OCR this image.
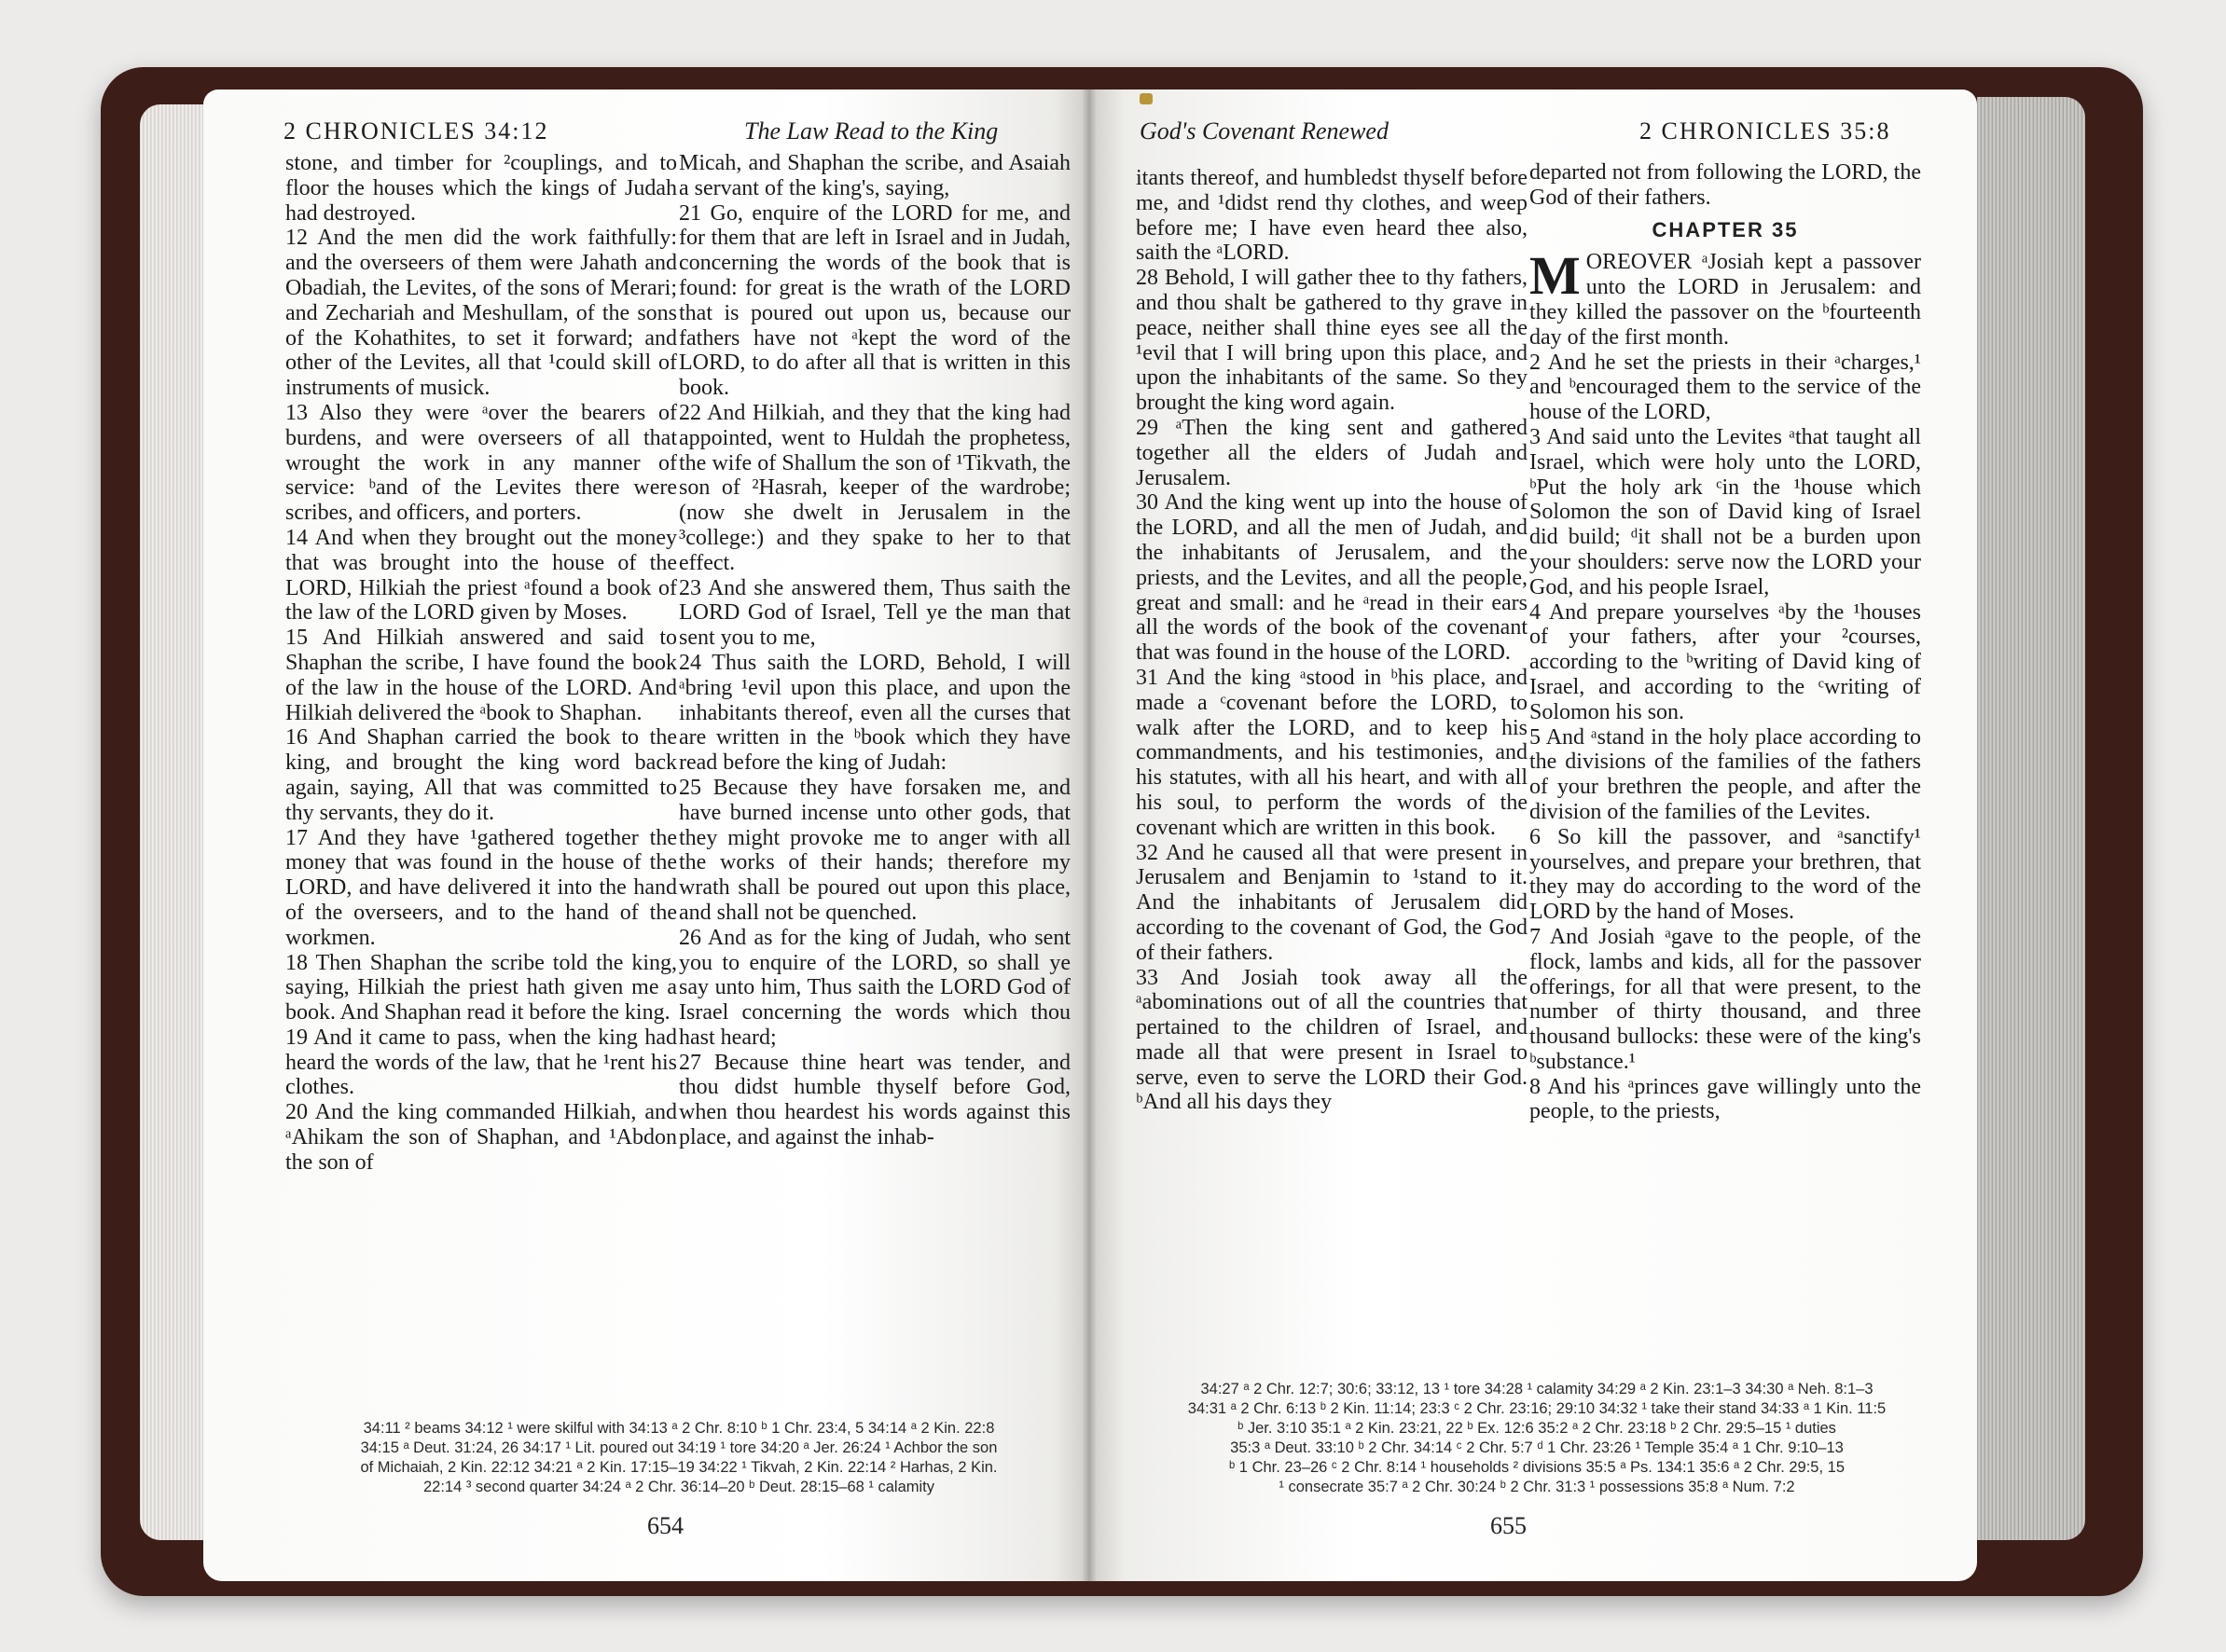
2 CHRONICLES 34:12	The Law Read to the King

stone, and timber for ²couplings, and to floor the houses which the kings of Judah had destroyed.

12 And the men did the work faithfully: and the overseers of them were Jahath and Obadiah, the Levites, of the sons of Merari; and Zechariah and Meshullam, of the sons of the Kohathites, to set it forward; and other of the Levites, all that ¹could skill of instruments of musick.

13 Also they were ᵃover the bearers of burdens, and were overseers of all that wrought the work in any manner of service: ᵇand of the Levites there were scribes, and officers, and porters.

14 And when they brought out the money that was brought into the house of the LORD, Hilkiah the priest ᵃfound a book of the law of the LORD given by Moses.

15 And Hilkiah answered and said to Shaphan the scribe, I have found the book of the law in the house of the LORD. And Hilkiah delivered the ᵃbook to Shaphan.

16 And Shaphan carried the book to the king, and brought the king word back again, saying, All that was committed to thy servants, they do it.

17 And they have ¹gathered together the money that was found in the house of the LORD, and have delivered it into the hand of the overseers, and to the hand of the workmen.

18 Then Shaphan the scribe told the king, saying, Hilkiah the priest hath given me a book. And Shaphan read it before the king.

19 And it came to pass, when the king had heard the words of the law, that he ¹rent his clothes.

20 And the king commanded Hilkiah, and ᵃAhikam the son of Shaphan, and ¹Abdon the son of

Micah, and Shaphan the scribe, and Asaiah a servant of the king's, saying,

21 Go, enquire of the LORD for me, and for them that are left in Israel and in Judah, concerning the words of the book that is found: for great is the wrath of the LORD that is poured out upon us, because our fathers have not ᵃkept the word of the LORD, to do after all that is written in this book.

22 And Hilkiah, and they that the king had appointed, went to Huldah the prophetess, the wife of Shallum the son of ¹Tikvath, the son of ²Hasrah, keeper of the wardrobe; (now she dwelt in Jerusalem in the ³college:) and they spake to her to that effect.

23 And she answered them, Thus saith the LORD God of Israel, Tell ye the man that sent you to me,

24 Thus saith the LORD, Behold, I will ᵃbring ¹evil upon this place, and upon the inhabitants thereof, even all the curses that are written in the ᵇbook which they have read before the king of Judah:

25 Because they have forsaken me, and have burned incense unto other gods, that they might provoke me to anger with all the works of their hands; therefore my wrath shall be poured out upon this place, and shall not be quenched.

26 And as for the king of Judah, who sent you to enquire of the LORD, so shall ye say unto him, Thus saith the LORD God of Israel concerning the words which thou hast heard;

27 Because thine heart was tender, and thou didst humble thyself before God, when thou heardest his words against this place, and against the inhab-

34:11 ² beams 34:12 ¹ were skilful with 34:13 ᵃ 2 Chr. 8:10 ᵇ 1 Chr. 23:4, 5 34:14 ᵃ 2 Kin. 22:8

34:15 ᵃ Deut. 31:24, 26 34:17 ¹ Lit. poured out 34:19 ¹ tore 34:20 ᵃ Jer. 26:24 ¹ Achbor the son

of Michaiah, 2 Kin. 22:12 34:21 ᵃ 2 Kin. 17:15–19 34:22 ¹ Tikvah, 2 Kin. 22:14 ² Harhas, 2 Kin.

22:14 ³ second quarter 34:24 ᵃ 2 Chr. 36:14–20 ᵇ Deut. 28:15–68 ¹ calamity

654
God's Covenant Renewed	2 CHRONICLES 35:8

itants thereof, and humbledst thyself before me, and ¹didst rend thy clothes, and weep before me; I have even heard thee also, saith the ᵃLORD.

28 Behold, I will gather thee to thy fathers, and thou shalt be gathered to thy grave in peace, neither shall thine eyes see all the ¹evil that I will bring upon this place, and upon the inhabitants of the same. So they brought the king word again.

29 ᵃThen the king sent and gathered together all the elders of Judah and Jerusalem.

30 And the king went up into the house of the LORD, and all the men of Judah, and the inhabitants of Jerusalem, and the priests, and the Levites, and all the people, great and small: and he ᵃread in their ears all the words of the book of the covenant that was found in the house of the LORD.

31 And the king ᵃstood in ᵇhis place, and made a ᶜcovenant before the LORD, to walk after the LORD, and to keep his commandments, and his testimonies, and his statutes, with all his heart, and with all his soul, to perform the words of the covenant which are written in this book.

32 And he caused all that were present in Jerusalem and Benjamin to ¹stand to it. And the inhabitants of Jerusalem did according to the covenant of God, the God of their fathers.

33 And Josiah took away all the ᵃabominations out of all the countries that pertained to the children of Israel, and made all that were present in Israel to serve, even to serve the LORD their God. ᵇAnd all his days they

departed not from following the LORD, the God of their fathers.

CHAPTER 35

MOREOVER ᵃJosiah kept a passover unto the LORD in Jerusalem: and they killed the passover on the ᵇfourteenth day of the first month.

2 And he set the priests in their ᵃcharges,¹ and ᵇencouraged them to the service of the house of the LORD,

3 And said unto the Levites ᵃthat taught all Israel, which were holy unto the LORD, ᵇPut the holy ark ᶜin the ¹house which Solomon the son of David king of Israel did build; ᵈit shall not be a burden upon your shoulders: serve now the LORD your God, and his people Israel,

4 And prepare yourselves ᵃby the ¹houses of your fathers, after your ²courses, according to the ᵇwriting of David king of Israel, and according to the ᶜwriting of Solomon his son.

5 And ᵃstand in the holy place according to the divisions of the families of the fathers of your brethren the people, and after the division of the families of the Levites.

6 So kill the passover, and ᵃsanctify¹ yourselves, and prepare your brethren, that they may do according to the word of the LORD by the hand of Moses.

7 And Josiah ᵃgave to the people, of the flock, lambs and kids, all for the passover offerings, for all that were present, to the number of thirty thousand, and three thousand bullocks: these were of the king's ᵇsubstance.¹

8 And his ᵃprinces gave willingly unto the people, to the priests,

34:27 ᵃ 2 Chr. 12:7; 30:6; 33:12, 13 ¹ tore 34:28 ¹ calamity 34:29 ᵃ 2 Kin. 23:1–3 34:30 ᵃ Neh. 8:1–3

34:31 ᵃ 2 Chr. 6:13 ᵇ 2 Kin. 11:14; 23:3 ᶜ 2 Chr. 23:16; 29:10 34:32 ¹ take their stand 34:33 ᵃ 1 Kin. 11:5

ᵇ Jer. 3:10 35:1 ᵃ 2 Kin. 23:21, 22 ᵇ Ex. 12:6 35:2 ᵃ 2 Chr. 23:18 ᵇ 2 Chr. 29:5–15 ¹ duties

35:3 ᵃ Deut. 33:10 ᵇ 2 Chr. 34:14 ᶜ 2 Chr. 5:7 ᵈ 1 Chr. 23:26 ¹ Temple 35:4 ᵃ 1 Chr. 9:10–13

ᵇ 1 Chr. 23–26 ᶜ 2 Chr. 8:14 ¹ households ² divisions 35:5 ᵃ Ps. 134:1 35:6 ᵃ 2 Chr. 29:5, 15

¹ consecrate 35:7 ᵃ 2 Chr. 30:24 ᵇ 2 Chr. 31:3 ¹ possessions 35:8 ᵃ Num. 7:2

655
